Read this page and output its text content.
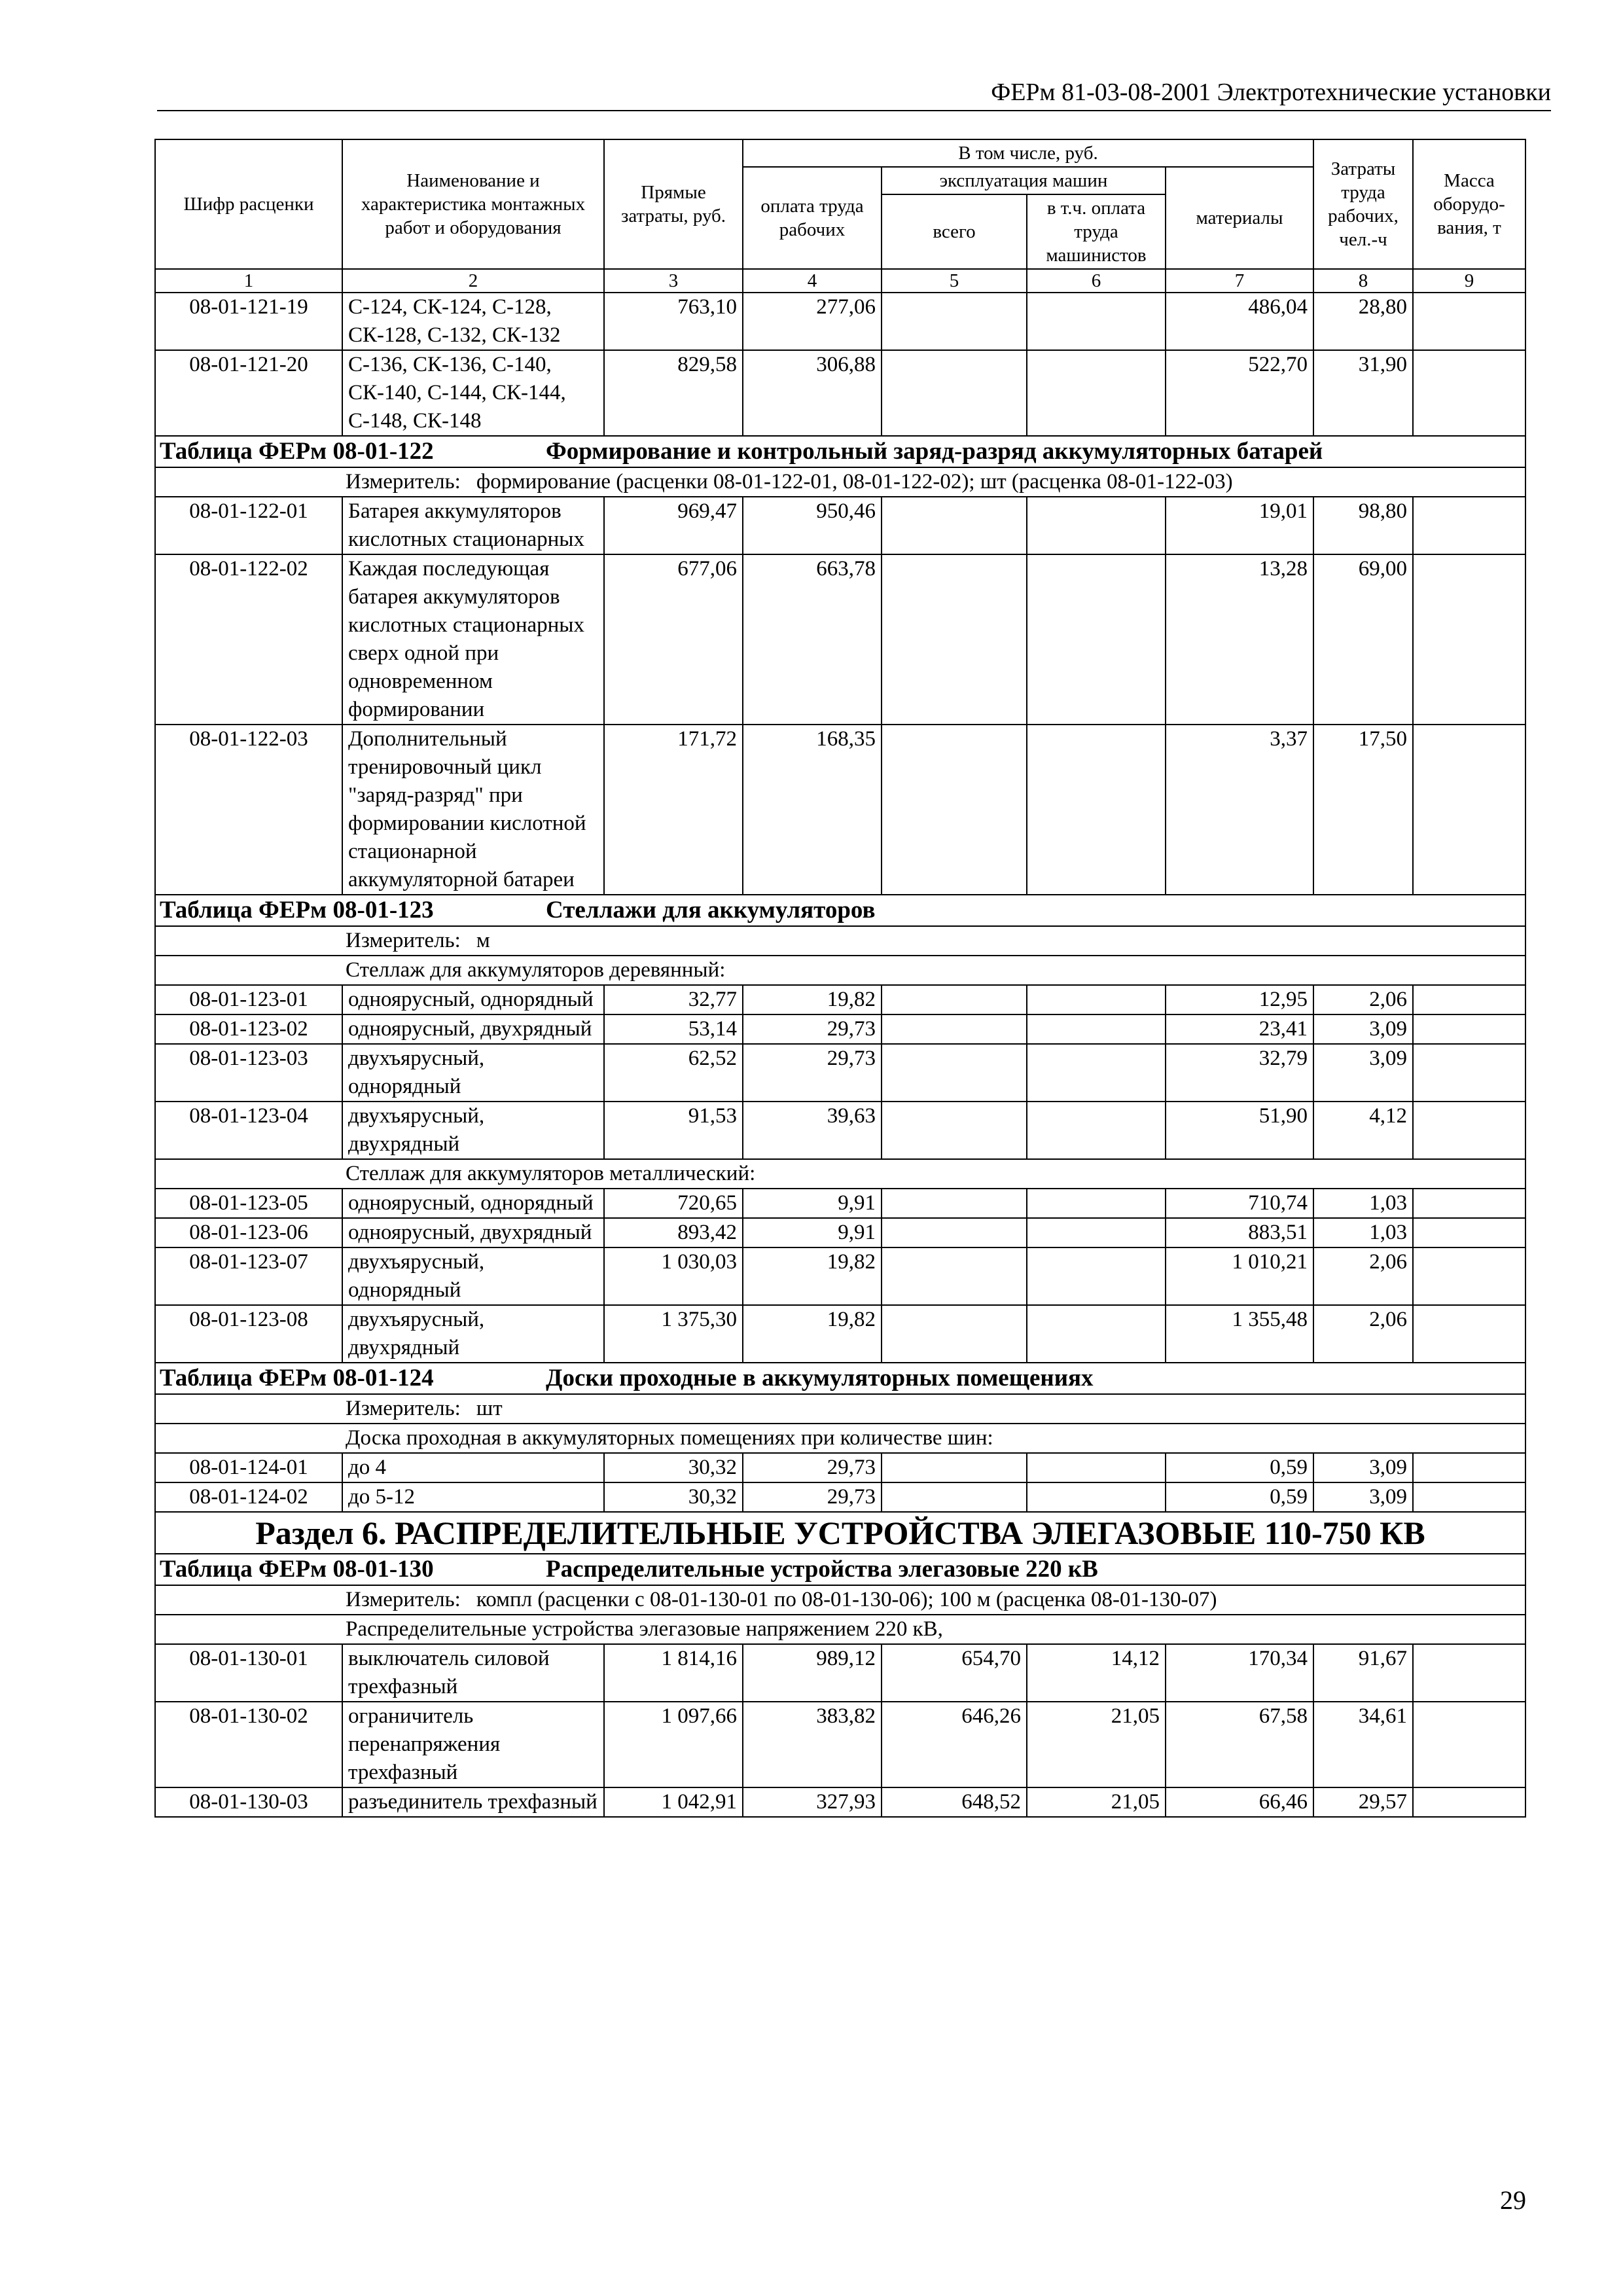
ФЕРм 81-03-08-2001 Электротехнические установки
Шифр расценки	Наименование и характеристика монтажных работ и оборудования	Прямые затраты, руб.	В том числе, руб.				Затраты труда рабочих, чел.-ч	Масса оборудо-вания, т
			оплата труда рабочих	эксплуатация машин		материалы		
				всего	в т.ч. оплата труда машинистов			
1	2	3	4	5	6	7	8	9
08-01-121-19	С-124, СК-124, С-128, СК-128, С-132, СК-132	763,10	277,06			486,04	28,80	
08-01-121-20	С-136, СК-136, С-140, СК-140, С-144, СК-144, С-148, СК-148	829,58	306,88			522,70	31,90	
Таблица ФЕРм 08-01-122 Формирование и контрольный заряд-разряд аккумуляторных батарей								
Измеритель: формирование (расценки 08-01-122-01, 08-01-122-02); шт (расценка 08-01-122-03)								
08-01-122-01	Батарея аккумуляторов кислотных стационарных	969,47	950,46			19,01	98,80	
08-01-122-02	Каждая последующая батарея аккумуляторов кислотных стационарных сверх одной при одновременном формировании	677,06	663,78			13,28	69,00	
08-01-122-03	Дополнительный тренировочный цикл "заряд-разряд" при формировании кислотной стационарной аккумуляторной батареи	171,72	168,35			3,37	17,50	
Таблица ФЕРм 08-01-123 Стеллажи для аккумуляторов								
Измеритель: м								
Стеллаж для аккумуляторов деревянный:								
08-01-123-01	одноярусный, однорядный	32,77	19,82			12,95	2,06	
08-01-123-02	одноярусный, двухрядный	53,14	29,73			23,41	3,09	
08-01-123-03	двухъярусный, однорядный	62,52	29,73			32,79	3,09	
08-01-123-04	двухъярусный, двухрядный	91,53	39,63			51,90	4,12	
Стеллаж для аккумуляторов металлический:								
08-01-123-05	одноярусный, однорядный	720,65	9,91			710,74	1,03	
08-01-123-06	одноярусный, двухрядный	893,42	9,91			883,51	1,03	
08-01-123-07	двухъярусный, однорядный	1 030,03	19,82			1 010,21	2,06	
08-01-123-08	двухъярусный, двухрядный	1 375,30	19,82			1 355,48	2,06	
Таблица ФЕРм 08-01-124 Доски проходные в аккумуляторных помещениях								
Измеритель: шт								
Доска проходная в аккумуляторных помещениях при количестве шин:								
08-01-124-01	до 4	30,32	29,73			0,59	3,09	
08-01-124-02	до 5-12	30,32	29,73			0,59	3,09	
Раздел 6. РАСПРЕДЕЛИТЕЛЬНЫЕ УСТРОЙСТВА ЭЛЕГАЗОВЫЕ 110-750 КВ								
Таблица ФЕРм 08-01-130 Распределительные устройства элегазовые 220 кВ								
Измеритель: компл (расценки с 08-01-130-01 по 08-01-130-06); 100 м (расценка 08-01-130-07)								
Распределительные устройства элегазовые напряжением 220 кВ,								
08-01-130-01	выключатель силовой трехфазный	1 814,16	989,12	654,70	14,12	170,34	91,67	
08-01-130-02	ограничитель перенапряжения трехфазный	1 097,66	383,82	646,26	21,05	67,58	34,61	
08-01-130-03	разъединитель трехфазный	1 042,91	327,93	648,52	21,05	66,46	29,57	
29
